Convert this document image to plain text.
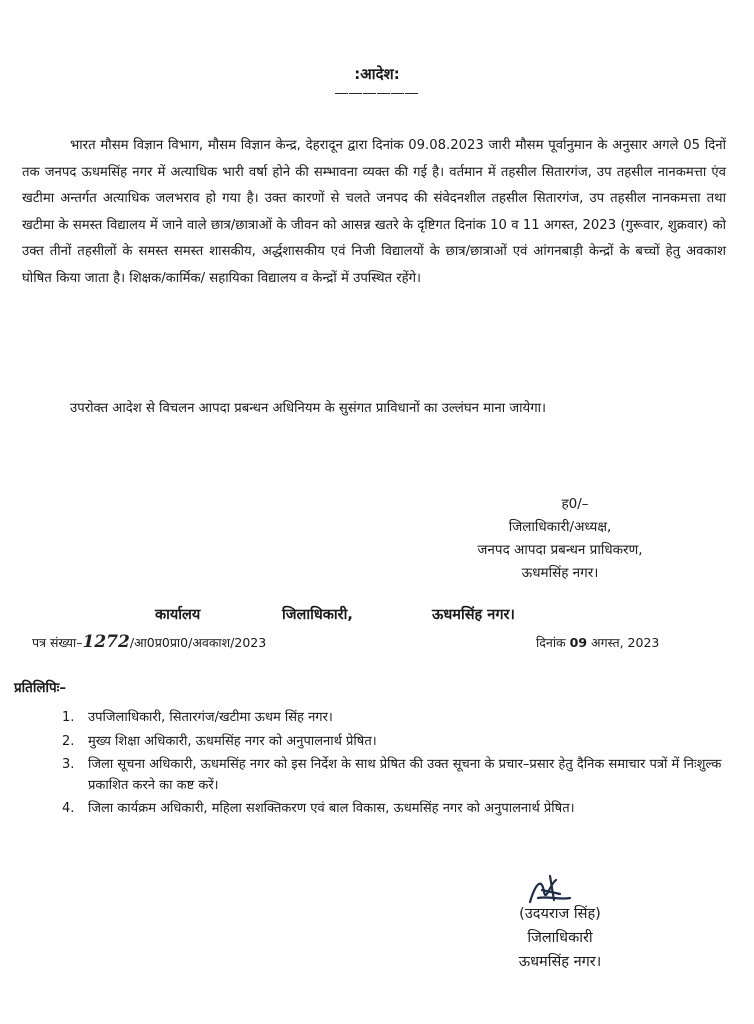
:आदेश:
――――――

भारत मौसम विज्ञान विभाग, मौसम विज्ञान केन्द्र, देहरादून द्वारा दिनांक 09.08.2023 जारी मौसम पूर्वानुमान के अनुसार अगले 05 दिनों तक जनपद ऊधमसिंह नगर में अत्याधिक भारी वर्षा होने की सम्भावना व्यक्त की गई है। वर्तमान में तहसील सितारगंज, उप तहसील नानकमत्ता एंव खटीमा अन्तर्गत अत्याधिक जलभराव हो गया है। उक्त कारणों से चलते जनपद की संवेदनशील तहसील सितारगंज, उप तहसील नानकमत्ता तथा खटीमा के समस्त विद्यालय में जाने वाले छात्र/छात्राओं के जीवन को आसन्न खतरे के दृष्टिगत दिनांक 10 व 11 अगस्त, 2023 (गुरूवार, शुक्रवार) को उक्त तीनों तहसीलों के समस्त समस्त शासकीय, अर्द्धशासकीय एवं निजी विद्यालयों के छात्र/छात्राओं एवं आंगनबाड़ी केन्द्रों के बच्चों हेतु अवकाश घोषित किया जाता है। शिक्षक/कार्मिक/ सहायिका विद्यालय व केन्द्रों में उपस्थित रहेंगे।

उपरोक्त आदेश से विचलन आपदा प्रबन्धन अधिनियम के सुसंगत प्राविधानों का उल्लंघन माना जायेगा।

ह0/–
जिलाधिकारी/अध्यक्ष,
जनपद आपदा प्रबन्धन प्राधिकरण,
ऊधमसिंह नगर।
कार्यालय	जिलाधिकारी,	ऊधमसिंह नगर।
पत्र संख्या–1272/आ0प्र0प्रा0/अवकाश/2023	दिनांक 09 अगस्त, 2023
प्रतिलिपिः–
1. उपजिलाधिकारी, सितारगंज/खटीमा ऊधम सिंह नगर।
2. मुख्य शिक्षा अधिकारी, ऊधमसिंह नगर को अनुपालनार्थ प्रेषित।
3. जिला सूचना अधिकारी, ऊधमसिंह नगर को इस निर्देश के साथ प्रेषित की उक्त सूचना के प्रचार–प्रसार हेतु दैनिक समाचार पत्रों में निःशुल्क प्रकाशित करने का कष्ट करें।
4. जिला कार्यक्रम अधिकारी, महिला सशक्तिकरण एवं बाल विकास, ऊधमसिंह नगर को अनुपालनार्थ प्रेषित।
(उदयराज सिंह)
जिलाधिकारी
ऊधमसिंह नगर।
